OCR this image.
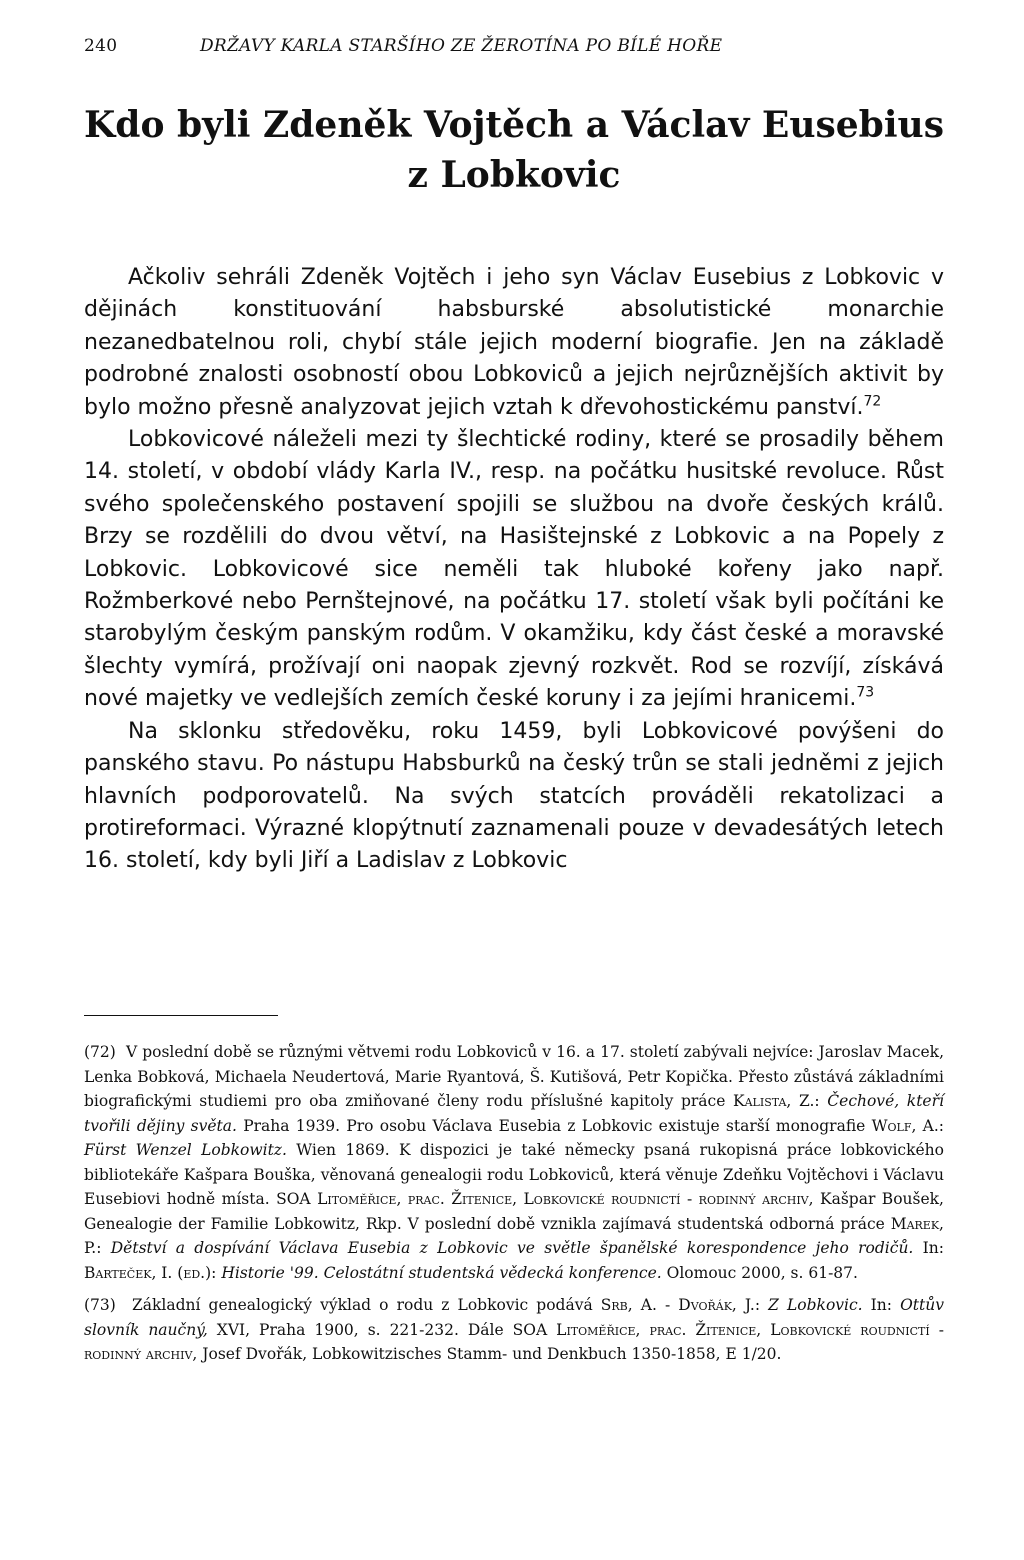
240	DRŽAVY KARLA STARŠÍHO ZE ŽEROTÍNA PO BÍLÉ HOŘE
Kdo byli Zdeněk Vojtěch a Václav Eusebius
z Lobkovic

Ačkoliv sehráli Zdeněk Vojtěch i jeho syn Václav Eusebius z Lobkovic v dějinách konstituování habsburské absolutistické monarchie nezanedbatelnou roli, chybí stále jejich moderní biografie. Jen na základě podrobné znalosti osobností obou Lobkoviců a jejich nejrůznějších aktivit by bylo možno přesně analyzovat jejich vztah k dřevohostickému panství.$^{72}$

Lobkovicové náleželi mezi ty šlechtické rodiny, které se prosadily během 14. století, v období vlády Karla IV., resp. na počátku husitské revoluce. Růst svého společenského postavení spojili se službou na dvoře českých králů. Brzy se rozdělili do dvou větví, na Hasištejnské z Lobkovic a na Popely z Lobkovic. Lobkovicové sice neměli tak hluboké kořeny jako např. Rožmberkové nebo Pernštejnové, na počátku 17. století však byli počítáni ke starobylým českým panským rodům. V okamžiku, kdy část české a moravské šlechty vymírá, prožívají oni naopak zjevný rozkvět. Rod se rozvíjí, získává nové majetky ve vedlejších zemích české koruny i za jejími hranicemi.$^{73}$

Na sklonku středověku, roku 1459, byli Lobkovicové povýšeni do panského stavu. Po nástupu Habsburků na český trůn se stali jedněmi z jejich hlavních podporovatelů. Na svých statcích prováděli rekatolizaci a protireformaci. Výrazné klopýtnutí zaznamenali pouze v devadesátých letech 16. století, kdy byli Jiří a Ladislav z Lobkovic

(72) V poslední době se různými větvemi rodu Lobkoviců v 16. a 17. století zabývali nejvíce: Jaroslav Macek, Lenka Bobková, Michaela Neudertová, Marie Ryantová, Š. Kutišová, Petr Kopička. Přesto zůstává základními biografickými studiemi pro oba zmiňované členy rodu příslušné kapitoly práce Kalista, Z.: Čechové, kteří tvořili dějiny světa. Praha 1939. Pro osobu Václava Eusebia z Lobkovic existuje starší monografie Wolf, A.: Fürst Wenzel Lobkowitz. Wien 1869. K dispozici je také německy psaná rukopisná práce lobkovického bibliotekáře Kašpara Bouška, věnovaná genealogii rodu Lobkoviců, která věnuje Zdeňku Vojtěchovi i Václavu Eusebiovi hodně místa. SOA Litoměřice, prac. Žitenice, Lobkovické roudnictí - rodinný archiv, Kašpar Boušek, Genealogie der Familie Lobkowitz, Rkp. V poslední době vznikla zajímavá studentská odborná práce Marek, P.: Dětství a dospívání Václava Eusebia z Lobkovic ve světle španělské korespondence jeho rodičů. In: Barteček, I. (ed.): Historie '99. Celostátní studentská vědecká konference. Olomouc 2000, s. 61-87.

(73) Základní genealogický výklad o rodu z Lobkovic podává Srb, A. - Dvořák, J.: Z Lobkovic. In: Ottův slovník naučný, XVI, Praha 1900, s. 221-232. Dále SOA Litoměřice, prac. Žitenice, Lobkovické roudnictí - rodinný archiv, Josef Dvořák, Lobkowitzisches Stamm- und Denkbuch 1350-1858, E 1/20.
